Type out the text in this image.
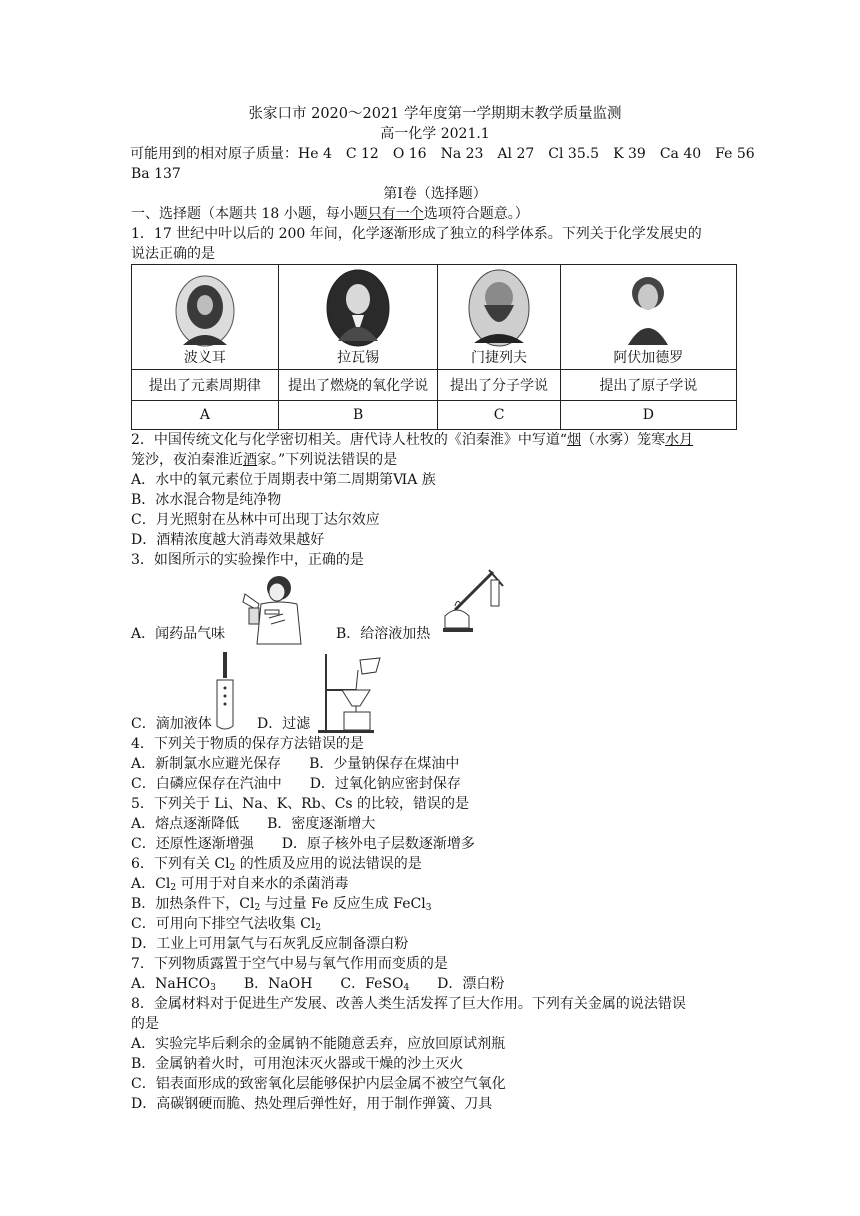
张家口市 2020～2021 学年度第一学期期末教学质量监测
高一化学 2021.1
可能用到的相对原子质量：He 4　C 12　O 16　Na 23　Al 27　Cl 35.5　K 39　Ca 40　Fe 56
Ba 137
第Ⅰ卷（选择题）
一、选择题（本题共 18 小题，每小题只有一个选项符合题意。）
1．17 世纪中叶以后的 200 年间，化学逐渐形成了独立的科学体系。下列关于化学发展史的
说法正确的是
波义耳	拉瓦锡	门捷列夫	阿伏加德罗

提出了元素周期律	提出了燃烧的氧化学说	提出了分子学说	提出了原子学说
A	B	C	D
2．中国传统文化与化学密切相关。唐代诗人杜牧的《泊秦淮》中写道“烟（水雾）笼寒水月
笼沙，夜泊秦淮近酒家。”下列说法错误的是
A．水中的氧元素位于周期表中第二周期第ⅥA 族
B．冰水混合物是纯净物
C．月光照射在丛林中可出现丁达尔效应
D．酒精浓度越大消毒效果越好
3．如图所示的实验操作中，正确的是
A．闻药品气味	B．给溶液加热
C．滴加液体	D．过滤
4．下列关于物质的保存方法错误的是
A．新制氯水应避光保存　　B．少量钠保存在煤油中
C．白磷应保存在汽油中　　D．过氧化钠应密封保存
5．下列关于 Li、Na、K、Rb、Cs 的比较，错误的是
A．熔点逐渐降低　　B．密度逐渐增大
C．还原性逐渐增强　　D．原子核外电子层数逐渐增多
6．下列有关 $Cl_2$ 的性质及应用的说法错误的是
A．$Cl_2$ 可用于对自来水的杀菌消毒
B．加热条件下，$Cl_2$ 与过量 Fe 反应生成 FeCl$_3$
C．可用向下排空气法收集 $Cl_2$
D．工业上可用氯气与石灰乳反应制备漂白粉
7．下列物质露置于空气中易与氧气作用而变质的是
A．NaHCO$_3$ B．NaOH C．FeSO$_4$ D．漂白粉
8．金属材料对于促进生产发展、改善人类生活发挥了巨大作用。下列有关金属的说法错误
的是
A．实验完毕后剩余的金属钠不能随意丢弃，应放回原试剂瓶
B．金属钠着火时，可用泡沫灭火器或干燥的沙土灭火
C．铝表面形成的致密氧化层能够保护内层金属不被空气氧化
D．高碳钢硬而脆、热处理后弹性好，用于制作弹簧、刀具
